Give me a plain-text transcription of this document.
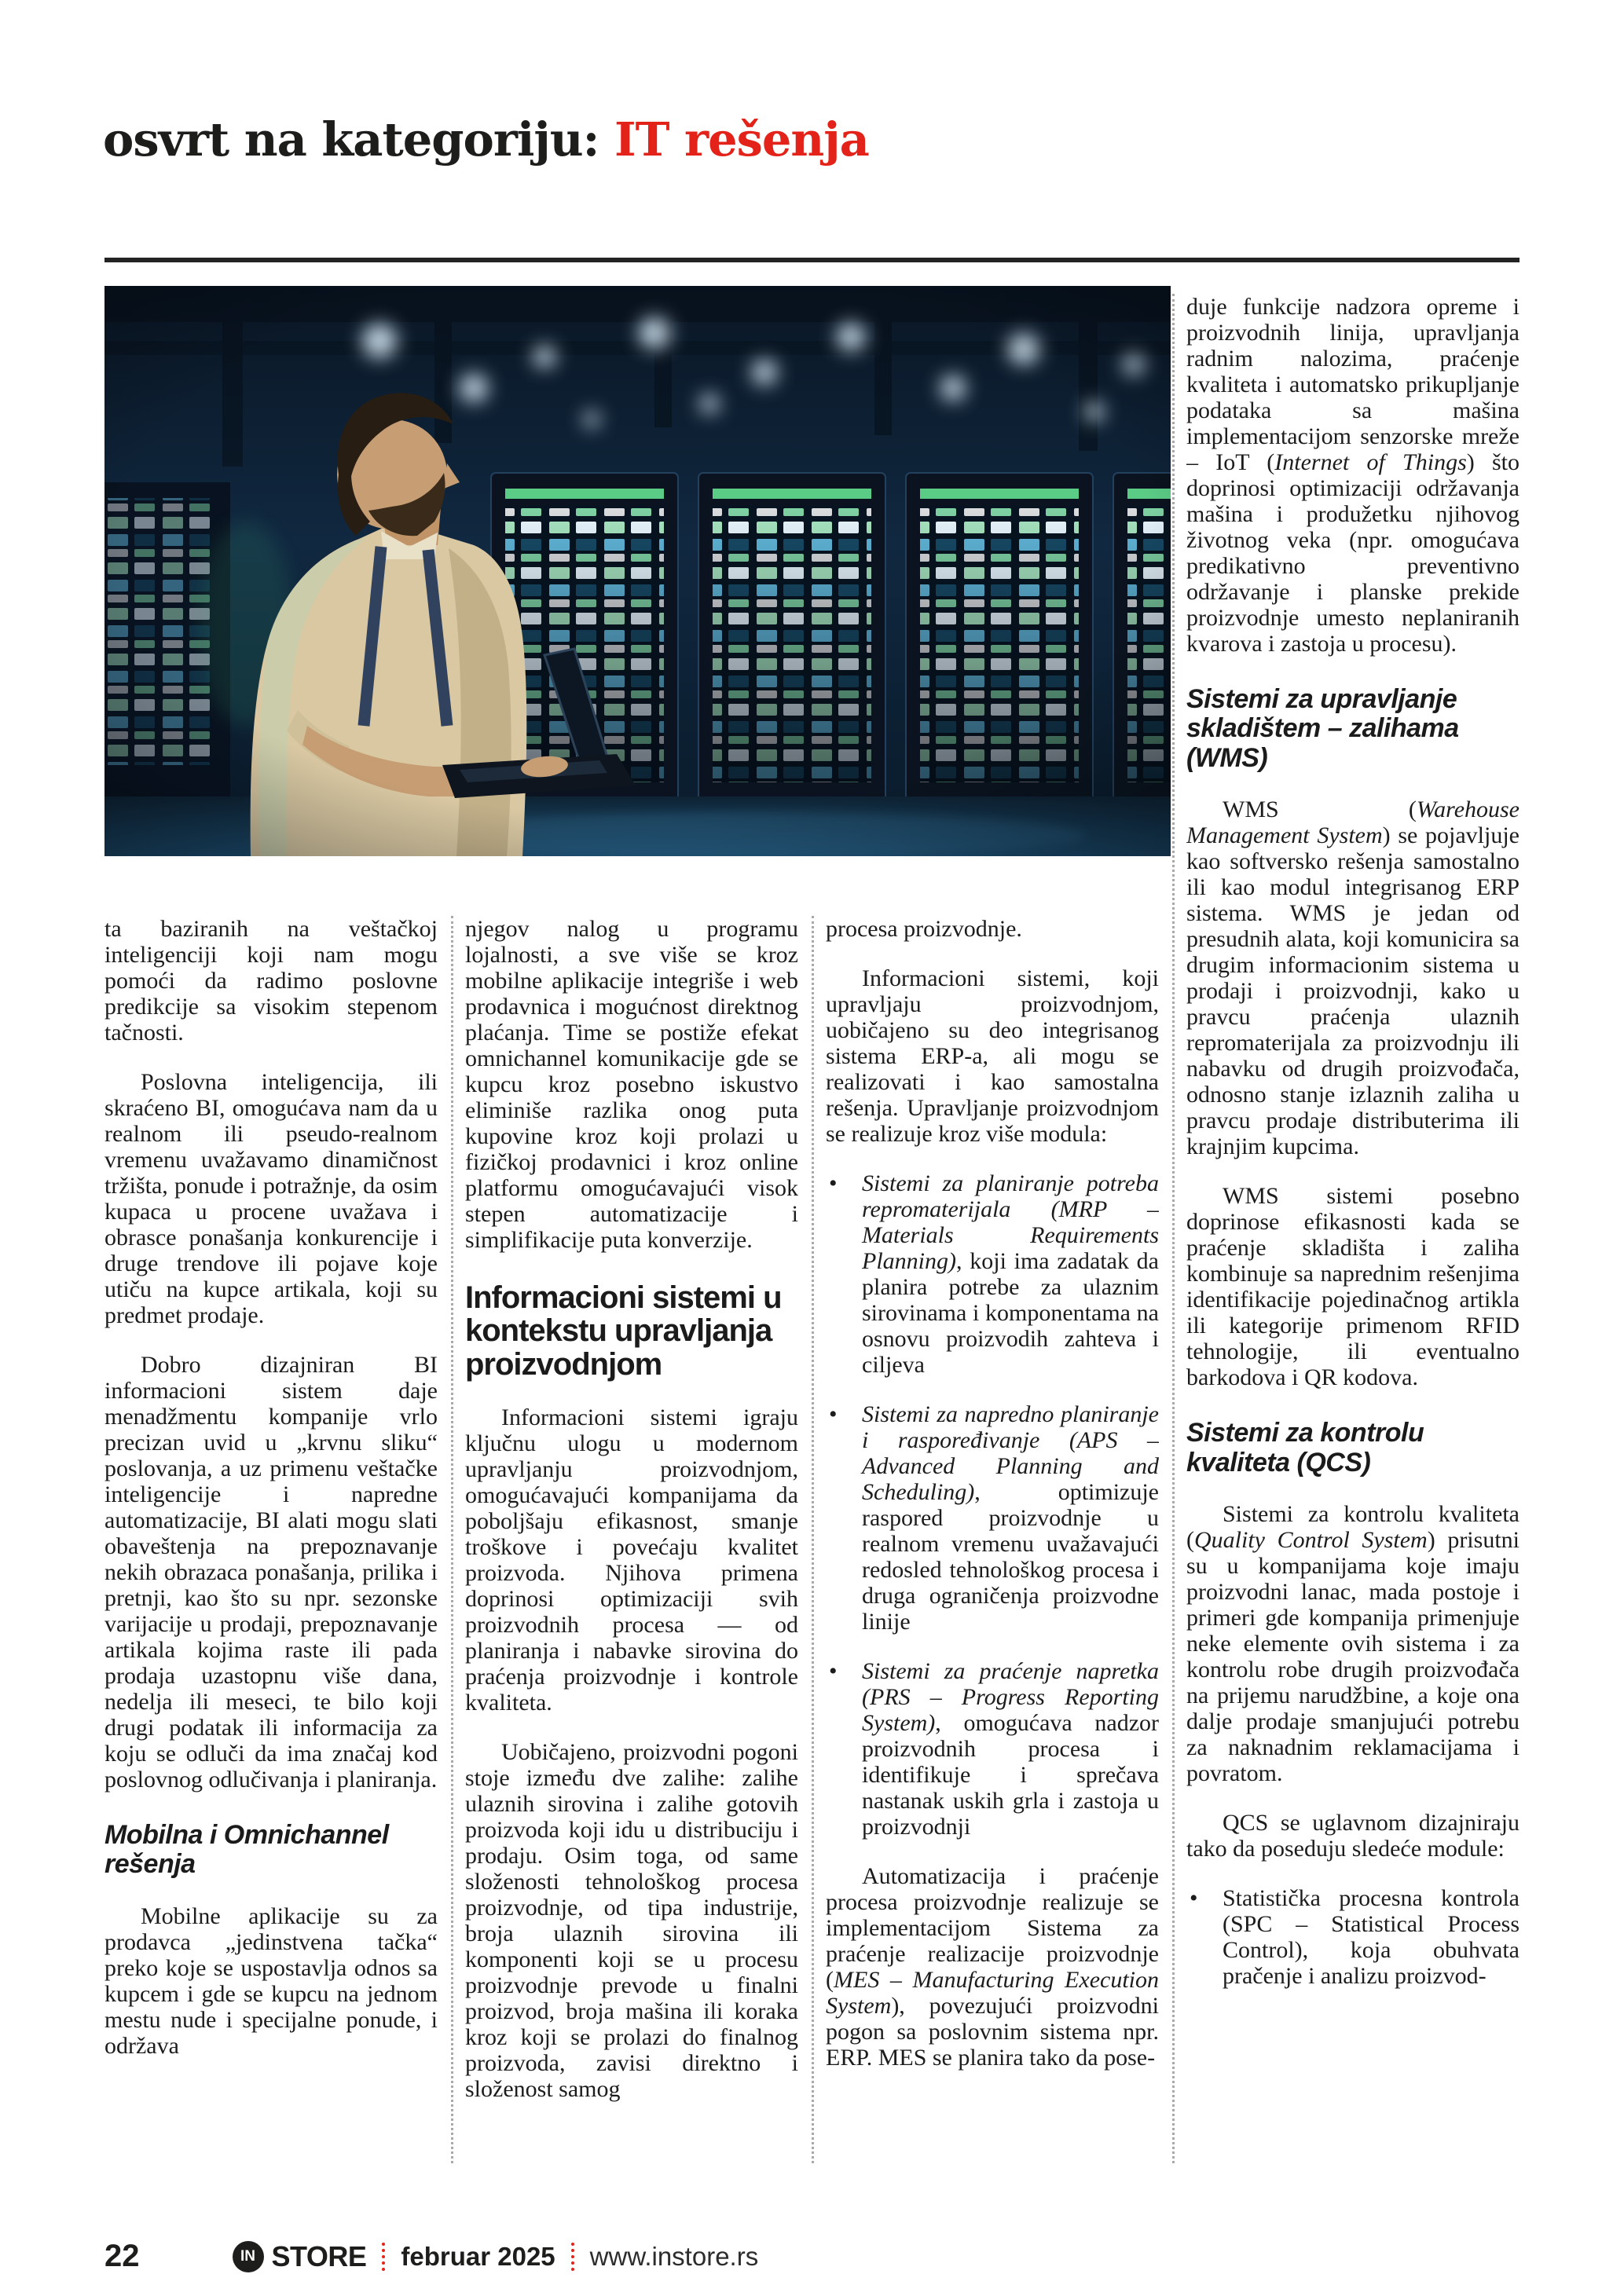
osvrt na kategoriju: IT rešenja
ta baziranih na veštačkoj inteligenciji koji nam mogu pomoći da radimo poslovne predikcije sa visokim stepenom tačnosti.
Poslovna inteligencija, ili skraćeno BI, omogućava nam da u realnom ili pseudo-realnom vremenu uvažavamo dinamičnost tržišta, ponude i potražnje, da osim kupaca u procene uvažava i obrasce ponašanja konkurencije i druge trendove ili pojave koje utiču na kupce artikala, koji su predmet prodaje.
Dobro dizajniran BI informacioni sistem daje menadžmentu kompanije vrlo precizan uvid u „krvnu sliku“ poslovanja, a uz primenu veštačke inteligencije i napredne automatizacije, BI alati mogu slati obaveštenja na prepoznavanje nekih obrazaca ponašanja, prilika i pretnji, kao što su npr. sezonske varijacije u prodaji, prepoznavanje artikala kojima raste ili pada prodaja uzastopnu više dana, nedelja ili meseci, te bilo koji drugi podatak ili informacija za koju se odluči da ima značaj kod poslovnog odlučivanja i planiranja.
Mobilna i Omnichannel rešenja
Mobilne aplikacije su za prodavca „jedinstvena tačka“ preko koje se uspostavlja odnos sa kupcem i gde se kupcu na jednom mestu nude i specijalne ponude, i održava
njegov nalog u programu lojalnosti, a sve više se kroz mobilne aplikacije integriše i web prodavnica i mogućnost direktnog plaćanja. Time se postiže efekat omnichannel komunikacije gde se kupcu kroz posebno iskustvo eliminiše razlika onog puta kupovine kroz koji prolazi u fizičkoj prodavnici i kroz online platformu omogućavajući visok stepen automatizacije i simplifikacije puta konverzije.
Informacioni sistemi u kontekstu upravljanja proizvodnjom
Informacioni sistemi igraju ključnu ulogu u modernom upravljanju proizvodnjom, omogućavajući kompanijama da poboljšaju efikasnost, smanje troškove i povećaju kvalitet proizvoda. Njihova primena doprinosi optimizaciji svih proizvodnih procesa — od planiranja i nabavke sirovina do praćenja proizvodnje i kontrole kvaliteta.
Uobičajeno, proizvodni pogoni stoje između dve zalihe: zalihe ulaznih sirovina i zalihe gotovih proizvoda koji idu u distribuciju i prodaju. Osim toga, od same složenosti tehnološkog procesa proizvodnje, od tipa industrije, broja ulaznih sirovina ili komponenti koji se u procesu proizvodnje prevode u finalni proizvod, broja mašina ili koraka kroz koji se prolazi do finalnog proizvoda, zavisi direktno i složenost samog
procesa proizvodnje.
Informacioni sistemi, koji upravljaju proizvodnjom, uobičajeno su deo integrisanog sistema ERP-a, ali mogu se realizovati i kao samostalna rešenja. Upravljanje proizvodnjom se realizuje kroz više modula:
• Sistemi za planiranje potreba repromaterijala (MRP – Materials Requirements Planning), koji ima zadatak da planira potrebe za ulaznim sirovinama i komponentama na osnovu proizvodih zahteva i ciljeva
• Sistemi za napredno planiranje i raspoređivanje (APS – Advanced Planning and Scheduling), optimizuje raspored proizvodnje u realnom vremenu uvažavajući redosled tehnološkog procesa i druga ograničenja proizvodne linije
• Sistemi za praćenje napretka (PRS – Progress Reporting System), omogućava nadzor proizvodnih procesa i identifikuje i sprečava nastanak uskih grla i zastoja u proizvodnji
Automatizacija i praćenje procesa proizvodnje realizuje se implementacijom Sistema za praćenje realizacije proizvodnje (MES – Manufacturing Execution System), povezujući proizvodni pogon sa poslovnim sistema npr. ERP. MES se planira tako da pose-
duje funkcije nadzora opreme i proizvodnih linija, upravljanja radnim nalozima, praćenje kvaliteta i automatsko prikupljanje podataka sa mašina implementacijom senzorske mreže – IoT (Internet of Things) što doprinosi optimizaciji održavanja mašina i produžetku njihovog životnog veka (npr. omogućava predikativno preventivno održavanje i planske prekide proizvodnje umesto neplaniranih kvarova i zastoja u procesu).
Sistemi za upravljanje skladištem – zalihama (WMS)
WMS (Warehouse Management System) se pojavljuje kao softversko rešenja samostalno ili kao modul integrisanog ERP sistema. WMS je jedan od presudnih alata, koji komunicira sa drugim informacionim sistema u prodaji i proizvodnji, kako u pravcu praćenja ulaznih repromaterijala za proizvodnju ili nabavku od drugih proizvođača, odnosno stanje izlaznih zaliha u pravcu prodaje distributerima ili krajnjim kupcima.
WMS sistemi posebno doprinose efikasnosti kada se praćenje skladišta i zaliha kombinuje sa naprednim rešenjima identifikacije pojedinačnog artikla ili kategorije primenom RFID tehnologije, ili eventualno barkodova i QR kodova.
Sistemi za kontrolu kvaliteta (QCS)
Sistemi za kontrolu kvaliteta (Quality Control System) prisutni su u kompanijama koje imaju proizvodni lanac, mada postoje i primeri gde kompanija primenjuje neke elemente ovih sistema i za kontrolu robe drugih proizvođača na prijemu narudžbine, a koje ona dalje prodaje smanjujući potrebu za naknadnim reklamacijama i povratom.
QCS se uglavnom dizajniraju tako da poseduju sledeće module:
• Statistička procesna kontrola (SPC – Statistical Process Control), koja obuhvata pračenje i analizu proizvod-
22	IN STORE februar 2025 www.instore.rs
